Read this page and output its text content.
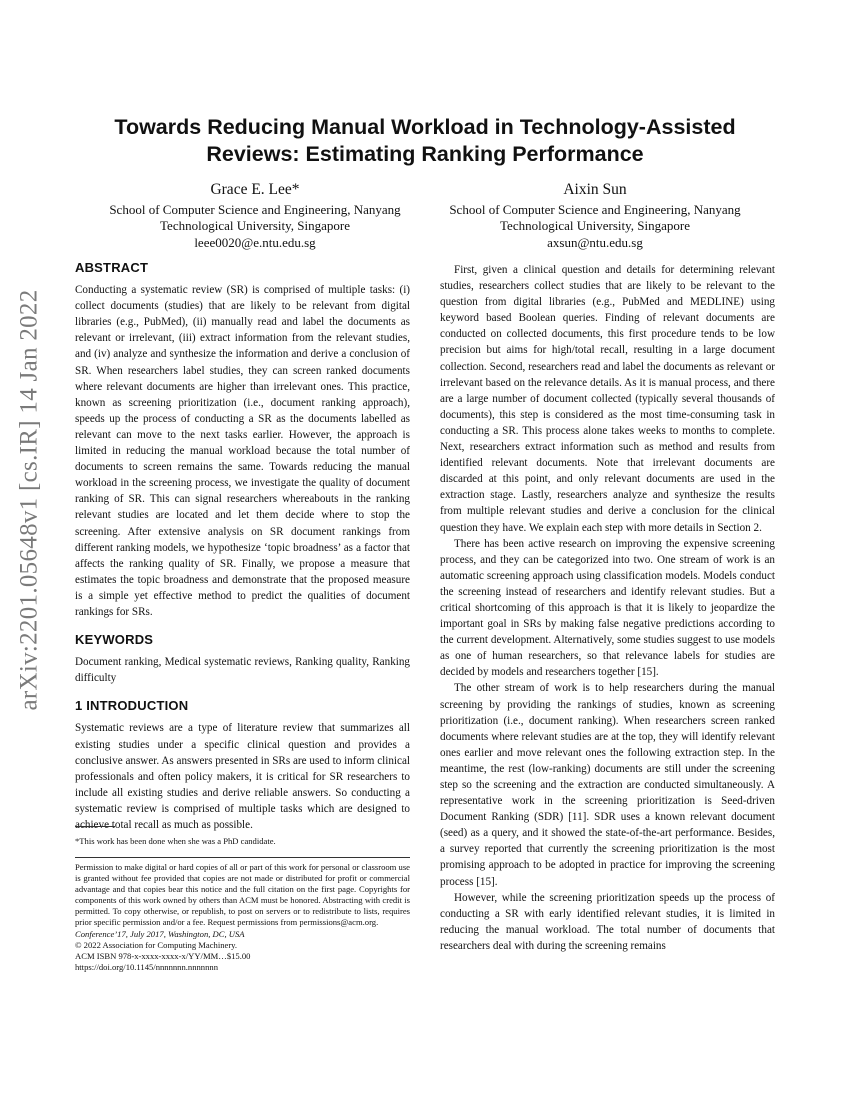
arXiv:2201.05648v1 [cs.IR] 14 Jan 2022
Towards Reducing Manual Workload in Technology-Assisted Reviews: Estimating Ranking Performance
Grace E. Lee*
School of Computer Science and Engineering, Nanyang
Technological University, Singapore
leee0020@e.ntu.edu.sg
Aixin Sun
School of Computer Science and Engineering, Nanyang
Technological University, Singapore
axsun@ntu.edu.sg
ABSTRACT

Conducting a systematic review (SR) is comprised of multiple tasks: (i) collect documents (studies) that are likely to be relevant from digital libraries (e.g., PubMed), (ii) manually read and label the documents as relevant or irrelevant, (iii) extract information from the relevant studies, and (iv) analyze and synthesize the information and derive a conclusion of SR. When researchers label studies, they can screen ranked documents where relevant documents are higher than irrelevant ones. This practice, known as screening prioritization (i.e., document ranking approach), speeds up the process of conducting a SR as the documents labelled as relevant can move to the next tasks earlier. However, the approach is limited in reducing the manual workload because the total number of documents to screen remains the same. Towards reducing the manual workload in the screening process, we investigate the quality of document ranking of SR. This can signal researchers whereabouts in the ranking relevant studies are located and let them decide where to stop the screening. After extensive analysis on SR document rankings from different ranking models, we hypothesize ‘topic broadness’ as a factor that affects the ranking quality of SR. Finally, we propose a measure that estimates the topic broadness and demonstrate that the proposed measure is a simple yet effective method to predict the qualities of document rankings for SRs.

KEYWORDS

Document ranking, Medical systematic reviews, Ranking quality, Ranking difficulty

1 INTRODUCTION

Systematic reviews are a type of literature review that summarizes all existing studies under a specific clinical question and provides a conclusive answer. As answers presented in SRs are used to inform clinical professionals and often policy makers, it is critical for SR researchers to include all existing studies and derive reliable answers. So conducting a systematic review is comprised of multiple tasks which are designed to achieve total recall as much as possible.

*This work has been done when she was a PhD candidate.
Permission to make digital or hard copies of all or part of this work for personal or classroom use is granted without fee provided that copies are not made or distributed for profit or commercial advantage and that copies bear this notice and the full citation on the first page. Copyrights for components of this work owned by others than ACM must be honored. Abstracting with credit is permitted. To copy otherwise, or republish, to post on servers or to redistribute to lists, requires prior specific permission and/or a fee. Request permissions from permissions@acm.org.
Conference’17, July 2017, Washington, DC, USA
© 2022 Association for Computing Machinery.
ACM ISBN 978-x-xxxx-xxxx-x/YY/MM…$15.00
https://doi.org/10.1145/nnnnnnn.nnnnnnn

First, given a clinical question and details for determining relevant studies, researchers collect studies that are likely to be relevant to the question from digital libraries (e.g., PubMed and MEDLINE) using keyword based Boolean queries. Finding of relevant documents are conducted on collected documents, this first procedure tends to be low precision but aims for high/total recall, resulting in a large document collection. Second, researchers read and label the documents as relevant or irrelevant based on the relevance details. As it is manual process, and there are a large number of document collected (typically several thousands of documents), this step is considered as the most time-consuming task in conducting a SR. This process alone takes weeks to months to complete. Next, researchers extract information such as method and results from identified relevant documents. Note that irrelevant documents are discarded at this point, and only relevant documents are used in the extraction stage. Lastly, researchers analyze and synthesize the results from multiple relevant studies and derive a conclusion for the clinical question they have. We explain each step with more details in Section 2.

There has been active research on improving the expensive screening process, and they can be categorized into two. One stream of work is an automatic screening approach using classification models. Models conduct the screening instead of researchers and identify relevant studies. But a critical shortcoming of this approach is that it is likely to jeopardize the important goal in SRs by making false negative predictions according to the current development. Alternatively, some studies suggest to use models as one of human researchers, so that relevance labels for studies are decided by models and researchers together [15].

The other stream of work is to help researchers during the manual screening by providing the rankings of studies, known as screening prioritization (i.e., document ranking). When researchers screen ranked documents where relevant studies are at the top, they will identify relevant ones earlier and move relevant ones the following extraction step. In the meantime, the rest (low-ranking) documents are still under the screening step so the screening and the extraction are conducted simultaneously. A representative work in the screening prioritization is Seed-driven Document Ranking (SDR) [11]. SDR uses a known relevant document (seed) as a query, and it showed the state-of-the-art performance. Besides, a survey reported that currently the screening prioritization is the most promising approach to be adopted in practice for improving the screening process [15].

However, while the screening prioritization speeds up the process of conducting a SR with early identified relevant studies, it is limited in reducing the manual workload. The total number of documents that researchers deal with during the screening remains
